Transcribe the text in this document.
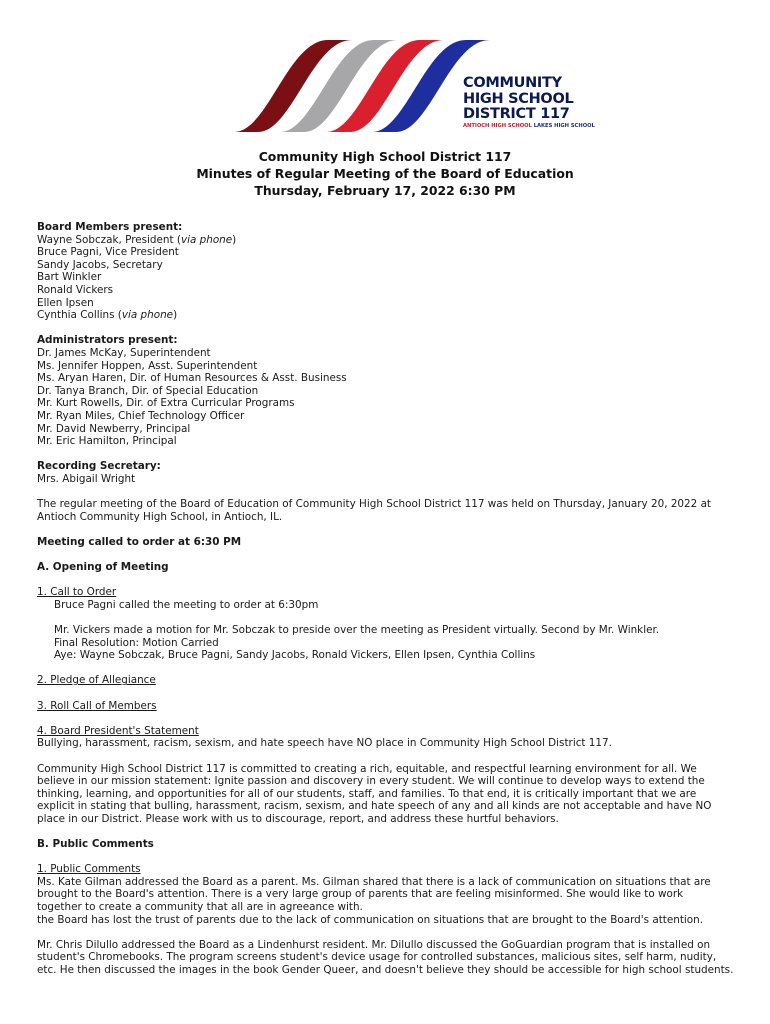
COMMUNITY
HIGH SCHOOL
DISTRICT 117
ANTIOCH HIGH SCHOOL LAKES HIGH SCHOOL
Community High School District 117
Minutes of Regular Meeting of the Board of Education
Thursday, February 17, 2022 6:30 PM

Board Members present:

Wayne Sobczak, President (via phone)

Bruce Pagni, Vice President

Sandy Jacobs, Secretary

Bart Winkler

Ronald Vickers

Ellen Ipsen

Cynthia Collins (via phone)

Administrators present:

Dr. James McKay, Superintendent

Ms. Jennifer Hoppen, Asst. Superintendent

Ms. Aryan Haren, Dir. of Human Resources & Asst. Business

Dr. Tanya Branch, Dir. of Special Education

Mr. Kurt Rowells, Dir. of Extra Curricular Programs

Mr. Ryan Miles, Chief Technology Officer

Mr. David Newberry, Principal

Mr. Eric Hamilton, Principal

Recording Secretary:

Mrs. Abigail Wright

The regular meeting of the Board of Education of Community High School District 117 was held on Thursday, January 20, 2022 at

Antioch Community High School, in Antioch, IL.

Meeting called to order at 6:30 PM

A. Opening of Meeting

1. Call to Order

Bruce Pagni called the meeting to order at 6:30pm

Mr. Vickers made a motion for Mr. Sobczak to preside over the meeting as President virtually. Second by Mr. Winkler.

Final Resolution: Motion Carried

Aye: Wayne Sobczak, Bruce Pagni, Sandy Jacobs, Ronald Vickers, Ellen Ipsen, Cynthia Collins

2. Pledge of Allegiance

3. Roll Call of Members

4. Board President's Statement

Bullying, harassment, racism, sexism, and hate speech have NO place in Community High School District 117.

Community High School District 117 is committed to creating a rich, equitable, and respectful learning environment for all. We

believe in our mission statement: Ignite passion and discovery in every student. We will continue to develop ways to extend the

thinking, learning, and opportunities for all of our students, staff, and families. To that end, it is critically important that we are

explicit in stating that bulling, harassment, racism, sexism, and hate speech of any and all kinds are not acceptable and have NO

place in our District. Please work with us to discourage, report, and address these hurtful behaviors.

B. Public Comments

1. Public Comments

Ms. Kate Gilman addressed the Board as a parent. Ms. Gilman shared that there is a lack of communication on situations that are

brought to the Board's attention. There is a very large group of parents that are feeling misinformed. She would like to work

together to create a community that all are in agreeance with.

the Board has lost the trust of parents due to the lack of communication on situations that are brought to the Board's attention.

Mr. Chris Dilullo addressed the Board as a Lindenhurst resident. Mr. Dilullo discussed the GoGuardian program that is installed on

student's Chromebooks. The program screens student's device usage for controlled substances, malicious sites, self harm, nudity,

etc. He then discussed the images in the book Gender Queer, and doesn't believe they should be accessible for high school students.
